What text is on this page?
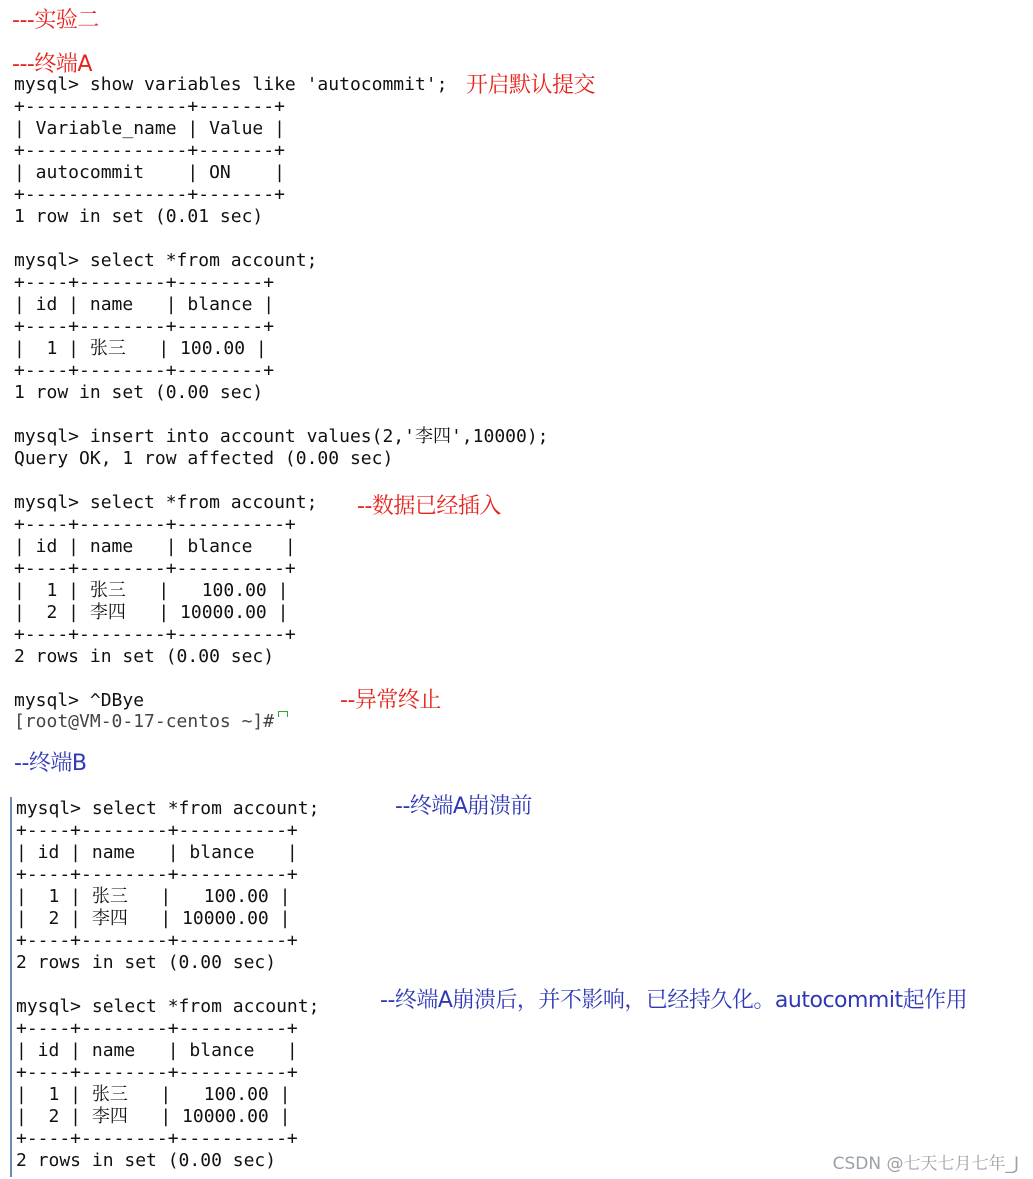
---实验二
---终端A
mysql> show variables like 'autocommit';
+---------------+-------+
| Variable_name | Value |
+---------------+-------+
| autocommit    | ON    |
+---------------+-------+
1 row in set (0.01 sec)
mysql> select *from account;
+----+--------+--------+
| id | name   | blance |
+----+--------+--------+
|  1 | 张三   | 100.00 |
+----+--------+--------+
1 row in set (0.00 sec)
mysql> insert into account values(2,'李四',10000);
Query OK, 1 row affected (0.00 sec)
mysql> select *from account;
+----+--------+----------+
| id | name   | blance   |
+----+--------+----------+
|  1 | 张三   |   100.00 |
|  2 | 李四   | 10000.00 |
+----+--------+----------+
2 rows in set (0.00 sec)
mysql> ^DBye
开启默认提交
--数据已经插入
--异常终止
[root@VM-0-17-centos ~]#
--终端B
mysql> select *from account;
+----+--------+----------+
| id | name   | blance   |
+----+--------+----------+
|  1 | 张三   |   100.00 |
|  2 | 李四   | 10000.00 |
+----+--------+----------+
2 rows in set (0.00 sec)
mysql> select *from account;
+----+--------+----------+
| id | name   | blance   |
+----+--------+----------+
|  1 | 张三   |   100.00 |
|  2 | 李四   | 10000.00 |
+----+--------+----------+
2 rows in set (0.00 sec)
--终端A崩溃前
--终端A崩溃后，并不影响，已经持久化。autocommit起作用
CSDN @七天七月七年_J
